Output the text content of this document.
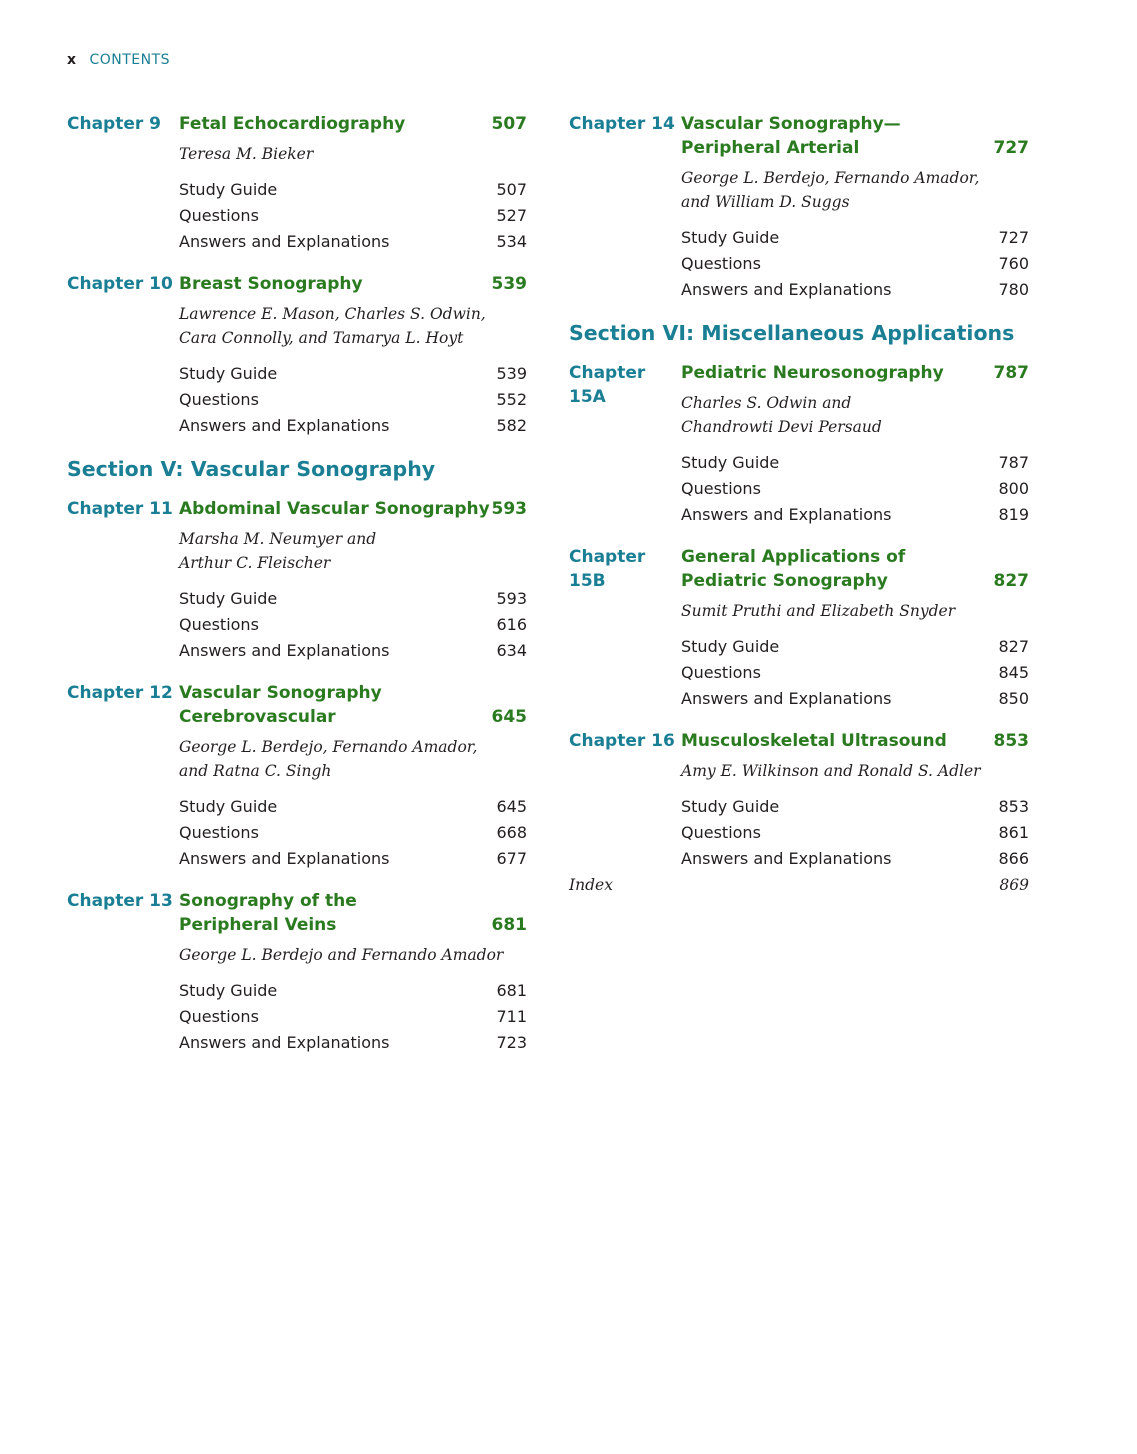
x CONTENTS
Chapter 9	Fetal Echocardiography	507
Teresa M. Bieker
Study Guide	507
Questions	527
Answers and Explanations	534
Chapter 10 Breast Sonography	539
Lawrence E. Mason, Charles S. Odwin,
Cara Connolly, and Tamarya L. Hoyt
Study Guide	539
Questions	552
Answers and Explanations	582
Section V: Vascular Sonography
Chapter 11 Abdominal Vascular Sonography 593
Marsha M. Neumyer and
Arthur C. Fleischer
Study Guide	593
Questions	616
Answers and Explanations	634
Chapter 12 Vascular Sonography
Cerebrovascular	645
George L. Berdejo, Fernando Amador,
and Ratna C. Singh
Study Guide	645
Questions	668
Answers and Explanations	677
Chapter 13 Sonography of the
Peripheral Veins	681
George L. Berdejo and Fernando Amador
Study Guide	681
Questions	711
Answers and Explanations	723
Chapter 14 Vascular Sonography—
Peripheral Arterial	727
George L. Berdejo, Fernando Amador,
and William D. Suggs
Study Guide	727
Questions	760
Answers and Explanations	780
Section VI: Miscellaneous Applications
Chapter 15A
Pediatric Neurosonography	787
Charles S. Odwin and
Chandrowti Devi Persaud
Study Guide	787
Questions	800
Answers and Explanations	819
Chapter 15B
General Applications of
Pediatric Sonography	827
Sumit Pruthi and Elizabeth Snyder
Study Guide	827
Questions	845
Answers and Explanations	850
Chapter 16 Musculoskeletal Ultrasound	853
Amy E. Wilkinson and Ronald S. Adler
Study Guide	853
Questions	861
Answers and Explanations	866
Index	869
